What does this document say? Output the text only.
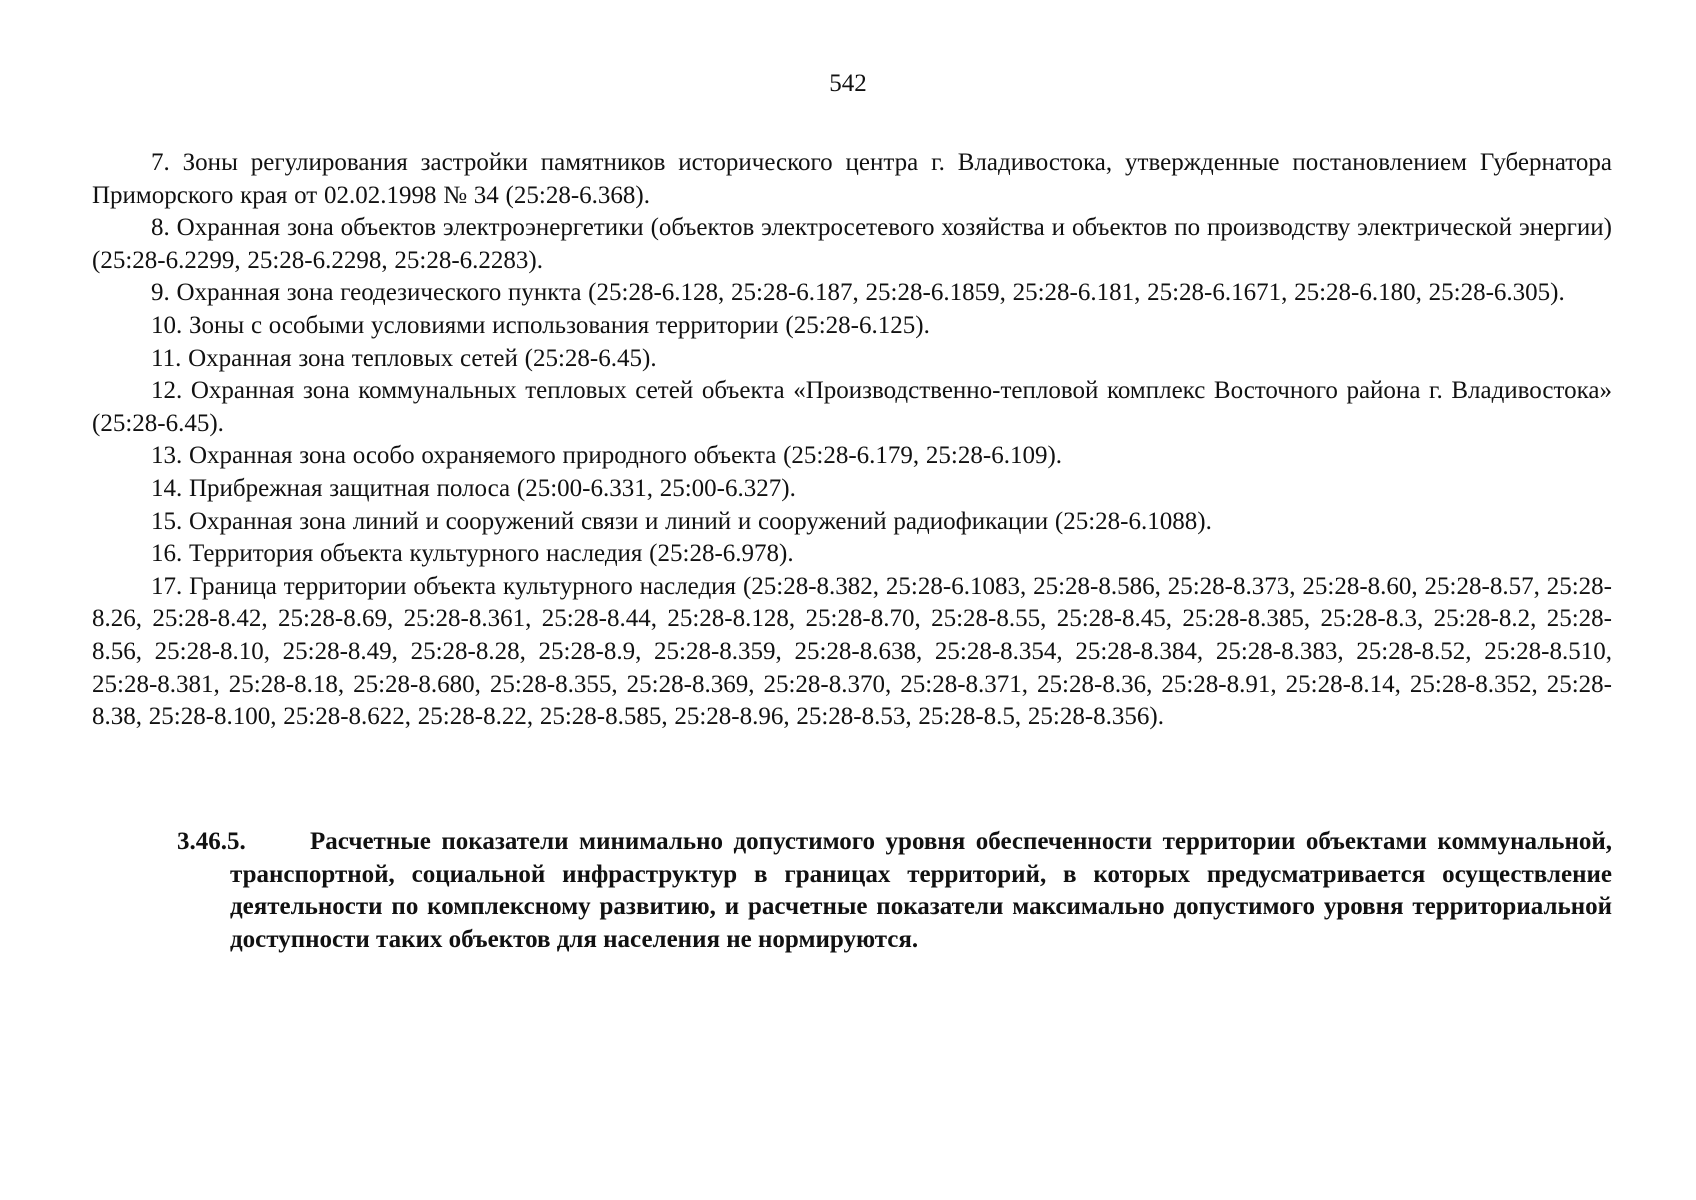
542

7. Зоны регулирования застройки памятников исторического центра г. Владивостока, утвержденные постановлением Губернатора Приморского края от 02.02.1998 № 34 (25:28-6.368).

8. Охранная зона объектов электроэнергетики (объектов электросетевого хозяйства и объектов по производству электрической энергии) (25:28-6.2299, 25:28-6.2298, 25:28-6.2283).

9. Охранная зона геодезического пункта (25:28-6.128, 25:28-6.187, 25:28-6.1859, 25:28-6.181, 25:28-6.1671, 25:28-6.180, 25:28-6.305).

10. Зоны с особыми условиями использования территории (25:28-6.125).

11. Охранная зона тепловых сетей (25:28-6.45).

12. Охранная зона коммунальных тепловых сетей объекта «Производственно-тепловой комплекс Восточного района г. Владивостока» (25:28-6.45).

13. Охранная зона особо охраняемого природного объекта (25:28-6.179, 25:28-6.109).

14. Прибрежная защитная полоса (25:00-6.331, 25:00-6.327).

15. Охранная зона линий и сооружений связи и линий и сооружений радиофикации (25:28-6.1088).

16. Территория объекта культурного наследия (25:28-6.978).

17. Граница территории объекта культурного наследия (25:28-8.382, 25:28-6.1083, 25:28-8.586, 25:28-8.373, 25:28-8.60, 25:28-8.57, 25:28-8.26, 25:28-8.42, 25:28-8.69, 25:28-8.361, 25:28-8.44, 25:28-8.128, 25:28-8.70, 25:28-8.55, 25:28-8.45, 25:28-8.385, 25:28-8.3, 25:28-8.2, 25:28-8.56, 25:28-8.10, 25:28-8.49, 25:28-8.28, 25:28-8.9, 25:28-8.359, 25:28-8.638, 25:28-8.354, 25:28-8.384, 25:28-8.383, 25:28-8.52, 25:28-8.510, 25:28-8.381, 25:28-8.18, 25:28-8.680, 25:28-8.355, 25:28-8.369, 25:28-8.370, 25:28-8.371, 25:28-8.36, 25:28-8.91, 25:28-8.14, 25:28-8.352, 25:28-8.38, 25:28-8.100, 25:28-8.622, 25:28-8.22, 25:28-8.585, 25:28-8.96, 25:28-8.53, 25:28-8.5, 25:28-8.356).

3.46.5.	Расчетные показатели минимально допустимого уровня обеспеченности территории объектами коммунальной, транспортной, социальной инфраструктур в границах территорий, в которых предусматривается осуществление деятельности по комплексному развитию, и расчетные показатели максимально допустимого уровня территориальной доступности таких объектов для населения не нормируются.
